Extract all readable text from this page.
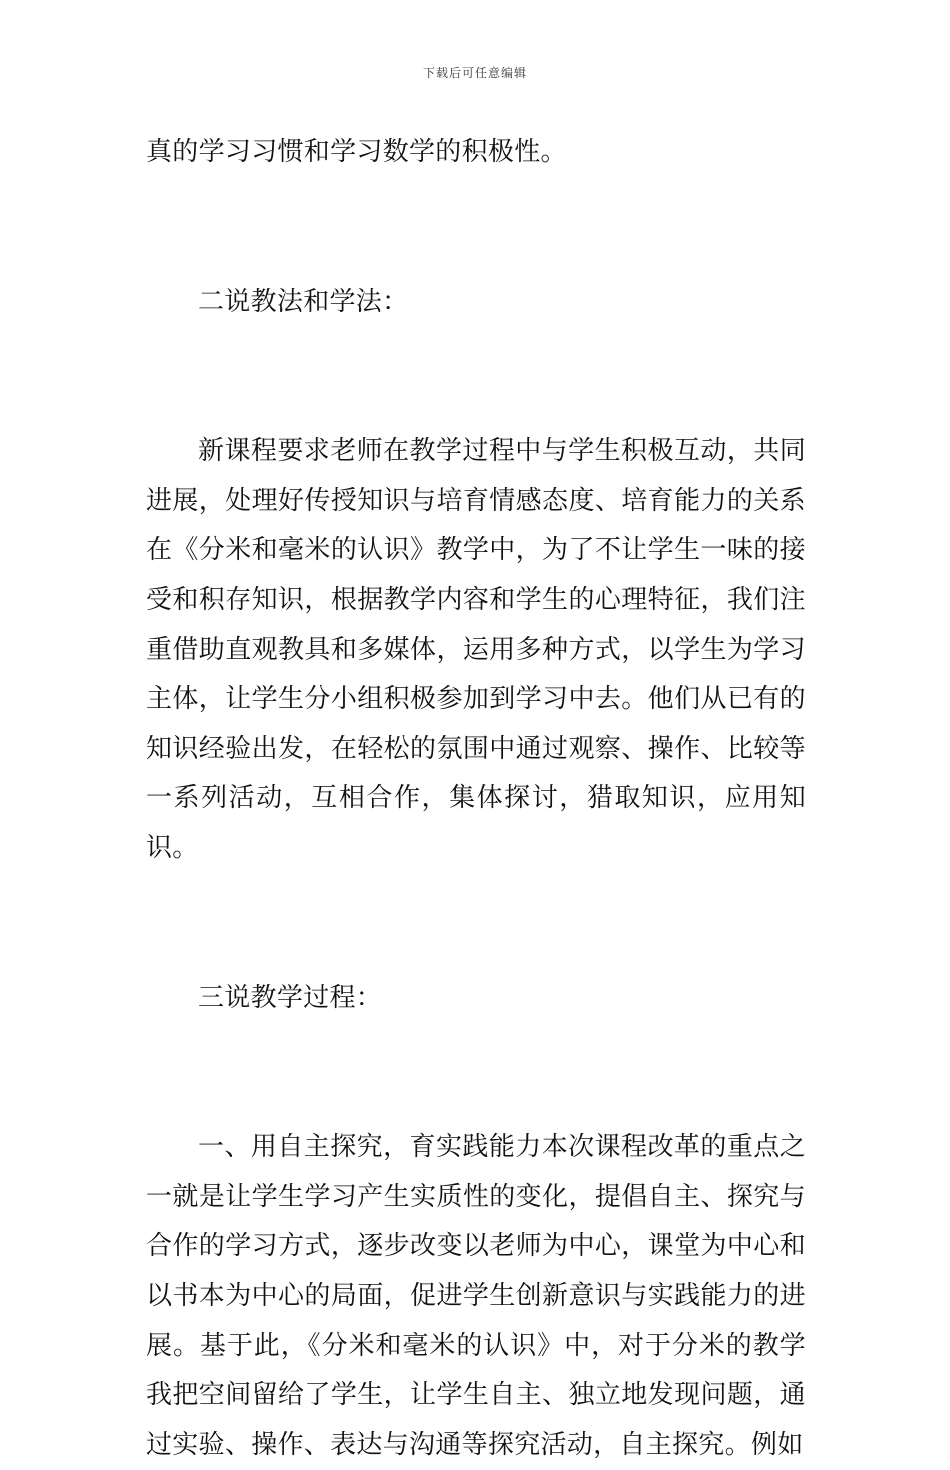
下载后可任意编辑

真的学习习惯和学习数学的积极性。

二说教法和学法：

新课程要求老师在教学过程中与学生积极互动，共同进展，处理好传授知识与培育情感态度、培育能力的关系在《分米和毫米的认识》教学中，为了不让学生一味的接受和积存知识，根据教学内容和学生的心理特征，我们注重借助直观教具和多媒体，运用多种方式，以学生为学习主体，让学生分小组积极参加到学习中去。他们从已有的知识经验出发，在轻松的氛围中通过观察、操作、比较等一系列活动，互相合作，集体探讨，猎取知识，应用知识。

三说教学过程：

一、用自主探究，育实践能力本次课程改革的重点之一就是让学生学习产生实质性的变化，提倡自主、探究与合作的学习方式，逐步改变以老师为中心，课堂为中心和以书本为中心的局面，促进学生创新意识与实践能力的进展。基于此，《分米和毫米的认识》中，对于分米的教学我把空间留给了学生，让学生自主、独立地发现问题，通过实验、操作、表达与沟通等探究活动，自主探究。例如
